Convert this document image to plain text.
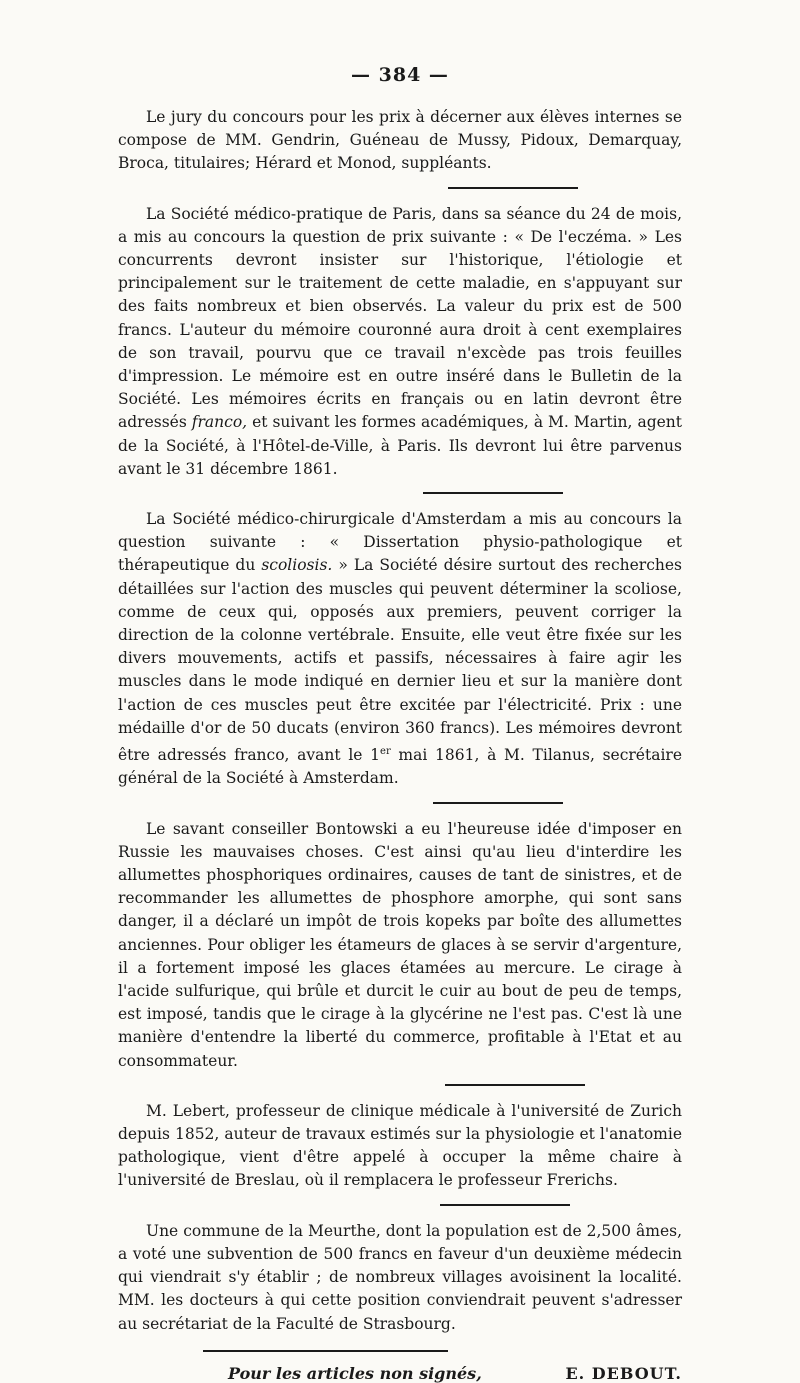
— 384 —

Le jury du concours pour les prix à décerner aux élèves internes se compose de MM. Gendrin, Guéneau de Mussy, Pidoux, Demarquay, Broca, titulaires; Hérard et Monod, suppléants.

La Société médico-pratique de Paris, dans sa séance du 24 de mois, a mis au concours la question de prix suivante : « De l'eczéma. » Les concurrents devront insister sur l'historique, l'étiologie et principalement sur le traitement de cette maladie, en s'appuyant sur des faits nombreux et bien observés. La valeur du prix est de 500 francs. L'auteur du mémoire couronné aura droit à cent exemplaires de son travail, pourvu que ce travail n'excède pas trois feuilles d'impression. Le mémoire est en outre inséré dans le Bulletin de la Société. Les mémoires écrits en français ou en latin devront être adressés franco, et suivant les formes académiques, à M. Martin, agent de la Société, à l'Hôtel-de-Ville, à Paris. Ils devront lui être parvenus avant le 31 décembre 1861.

La Société médico-chirurgicale d'Amsterdam a mis au concours la question suivante : « Dissertation physio-pathologique et thérapeutique du scoliosis. » La Société désire surtout des recherches détaillées sur l'action des muscles qui peuvent déterminer la scoliose, comme de ceux qui, opposés aux premiers, peuvent corriger la direction de la colonne vertébrale. Ensuite, elle veut être fixée sur les divers mouvements, actifs et passifs, nécessaires à faire agir les muscles dans le mode indiqué en dernier lieu et sur la manière dont l'action de ces muscles peut être excitée par l'électricité. Prix : une médaille d'or de 50 ducats (environ 360 francs). Les mémoires devront être adressés franco, avant le 1er mai 1861, à M. Tilanus, secrétaire général de la Société à Amsterdam.

Le savant conseiller Bontowski a eu l'heureuse idée d'imposer en Russie les mauvaises choses. C'est ainsi qu'au lieu d'interdire les allumettes phosphoriques ordinaires, causes de tant de sinistres, et de recommander les allumettes de phosphore amorphe, qui sont sans danger, il a déclaré un impôt de trois kopeks par boîte des allumettes anciennes. Pour obliger les étameurs de glaces à se servir d'argenture, il a fortement imposé les glaces étamées au mercure. Le cirage à l'acide sulfurique, qui brûle et durcit le cuir au bout de peu de temps, est imposé, tandis que le cirage à la glycérine ne l'est pas. C'est là une manière d'entendre la liberté du commerce, profitable à l'Etat et au consommateur.

M. Lebert, professeur de clinique médicale à l'université de Zurich depuis 1852, auteur de travaux estimés sur la physiologie et l'anatomie pathologique, vient d'être appelé à occuper la même chaire à l'université de Breslau, où il remplacera le professeur Frerichs.

Une commune de la Meurthe, dont la population est de 2,500 âmes, a voté une subvention de 500 francs en faveur d'un deuxième médecin qui viendrait s'y établir ; de nombreux villages avoisinent la localité. MM. les docteurs à qui cette position conviendrait peuvent s'adresser au secrétariat de la Faculté de Strasbourg.

Pour les articles non signés,	E. DEBOUT.
